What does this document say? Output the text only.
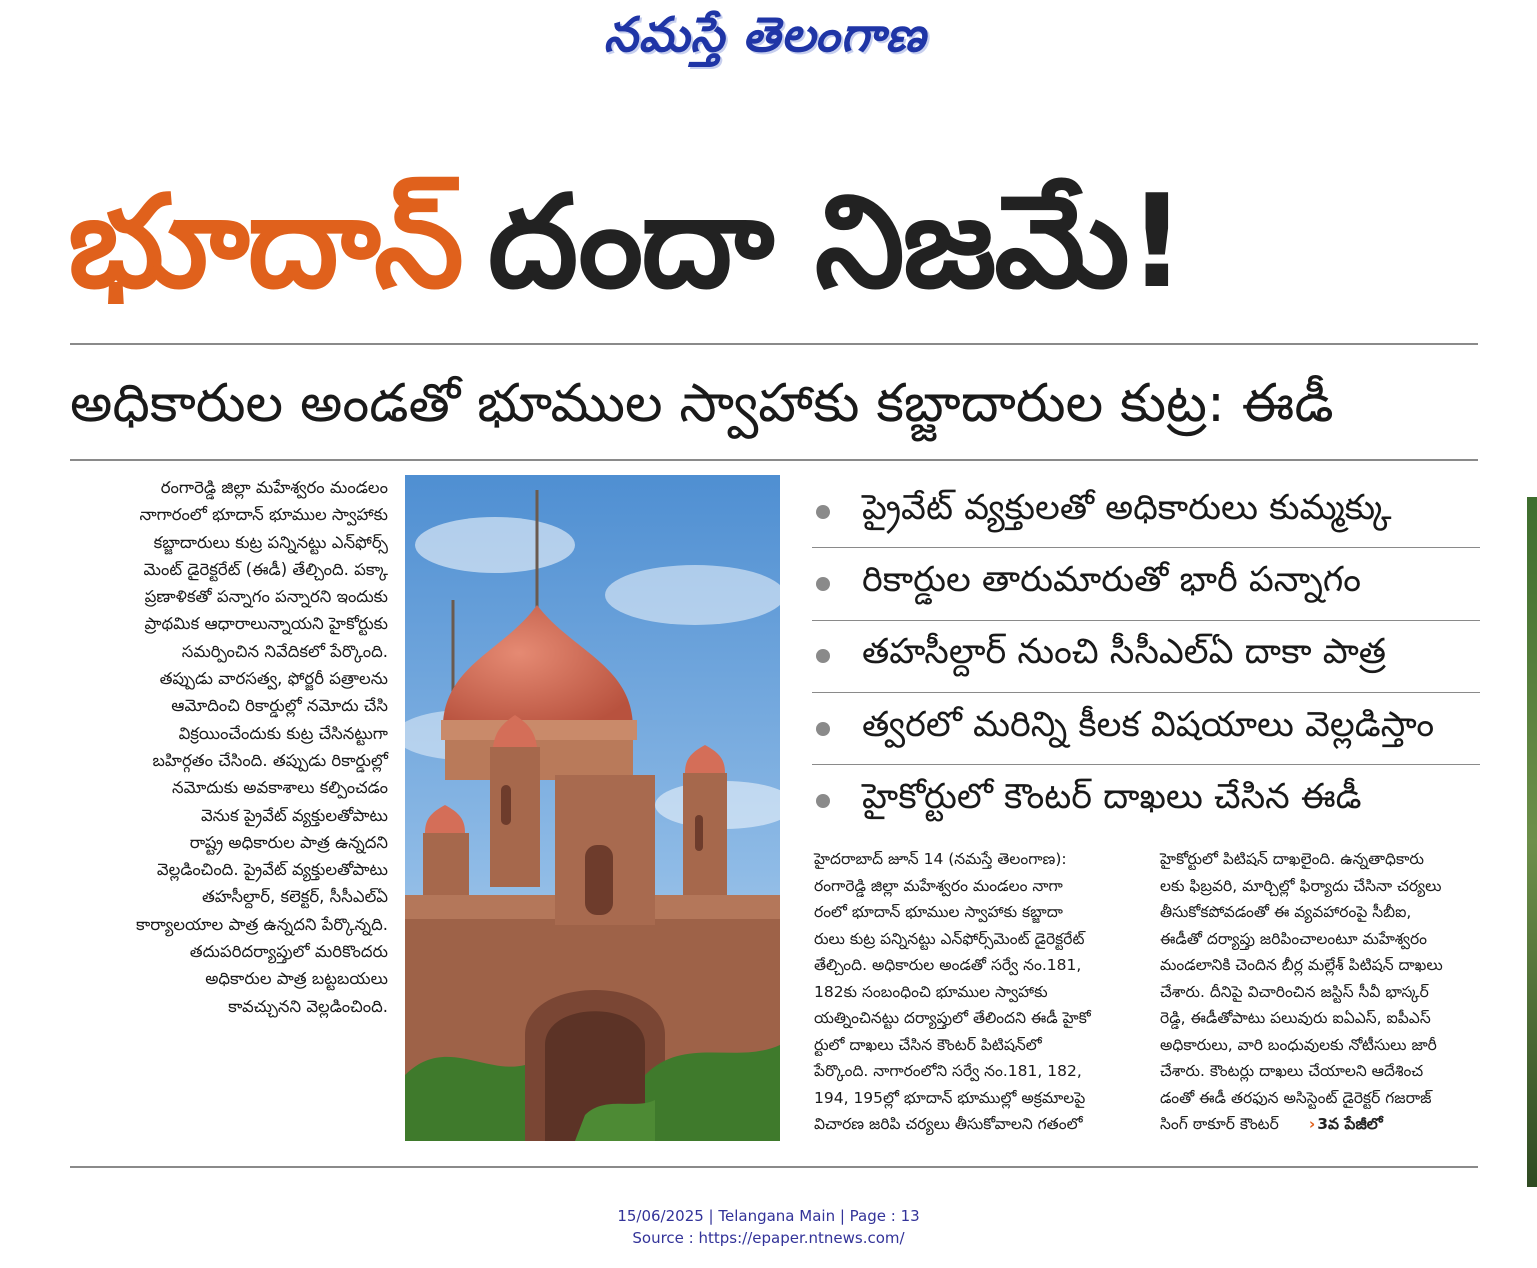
నమస్తే తెలంగాణ
భూదాన్ దందా నిజమే!
అధికారుల అండతో భూముల స్వాహాకు కబ్జాదారుల కుట్ర: ఈడీ
రంగారెడ్డి జిల్లా మహేశ్వరం మండలం
నాగారంలో భూదాన్ భూముల స్వాహాకు
కబ్జాదారులు కుట్ర పన్నినట్టు ఎన్‌ఫోర్స్
మెంట్ డైరెక్టరేట్ (ఈడీ) తేల్చింది. పక్కా
ప్రణాళికతో పన్నాగం పన్నారని ఇందుకు
ప్రాథమిక ఆధారాలున్నాయని హైకోర్టుకు
సమర్పించిన నివేదికలో పేర్కొంది.
తప్పుడు వారసత్వ, ఫోర్జరీ పత్రాలను
ఆమోదించి రికార్డుల్లో నమోదు చేసి
విక్రయించేందుకు కుట్ర చేసినట్టుగా
బహిర్గతం చేసింది. తప్పుడు రికార్డుల్లో
నమోదుకు అవకాశాలు కల్పించడం
వెనుక ప్రైవేట్ వ్యక్తులతోపాటు
రాష్ట్ర అధికారుల పాత్ర ఉన్నదని
వెల్లడించింది. ప్రైవేట్ వ్యక్తులతోపాటు
తహసీల్దార్, కలెక్టర్, సీసీఎల్‌ఏ
కార్యాలయాల పాత్ర ఉన్నదని పేర్కొన్నది.
తదుపరిదర్యాప్తులో మరికొందరు
అధికారుల పాత్ర బట్టబయలు
కావచ్చునని వెల్లడించింది.
ప్రైవేట్ వ్యక్తులతో అధికారులు కుమ్మక్కు
రికార్డుల తారుమారుతో భారీ పన్నాగం
తహసీల్దార్ నుంచి సీసీఎల్‌ఏ దాకా పాత్ర
త్వరలో మరిన్ని కీలక విషయాలు వెల్లడిస్తాం
హైకోర్టులో కౌంటర్ దాఖలు చేసిన ఈడీ
హైదరాబాద్ జూన్ 14 (నమస్తే తెలంగాణ):రంగారెడ్డి జిల్లా మహేశ్వరం మండలం నాగారంలో భూదాన్ భూముల స్వాహాకు కబ్జాదారులు కుట్ర పన్నినట్టు ఎన్‌ఫోర్స్‌మెంట్ డైరెక్టరేట్తేల్చింది. అధికారుల అండతో సర్వే నం.181,182కు సంబంధించి భూముల స్వాహాకుయత్నించినట్టు దర్యాప్తులో తేలిందని ఈడీ హైకోర్టులో దాఖలు చేసిన కౌంటర్ పిటిషన్‌లోపేర్కొంది. నాగారంలోని సర్వే నం.181, 182,194, 195ల్లో భూదాన్ భూముల్లో అక్రమాలపైవిచారణ జరిపి చర్యలు తీసుకోవాలని గతంలో
హైకోర్టులో పిటిషన్ దాఖలైంది. ఉన్నతాధికారులకు ఫిబ్రవరి, మార్చిల్లో ఫిర్యాదు చేసినా చర్యలుతీసుకోకపోవడంతో ఈ వ్యవహారంపై సీబీఐ,ఈడీతో దర్యాప్తు జరిపించాలంటూ మహేశ్వరంమండలానికి చెందిన బీర్ల మల్లేశ్ పిటిషన్ దాఖలుచేశారు. దీనిపై విచారించిన జస్టిస్ సీవీ భాస్కర్రెడ్డి, ఈడీతోపాటు పలువురు ఐఏఎస్, ఐపీఎస్అధికారులు, వారి బంధువులకు నోటీసులు జారీచేశారు. కౌంటర్లు దాఖలు చేయాలని ఆదేశించడంతో ఈడీ తరఫున అసిస్టెంట్ డైరెక్టర్ గజరాజ్సింగ్ ఠాకూర్ కౌంటర్ › 3వ పేజీలో
15/06/2025 | Telangana Main | Page : 13
Source : https://epaper.ntnews.com/
